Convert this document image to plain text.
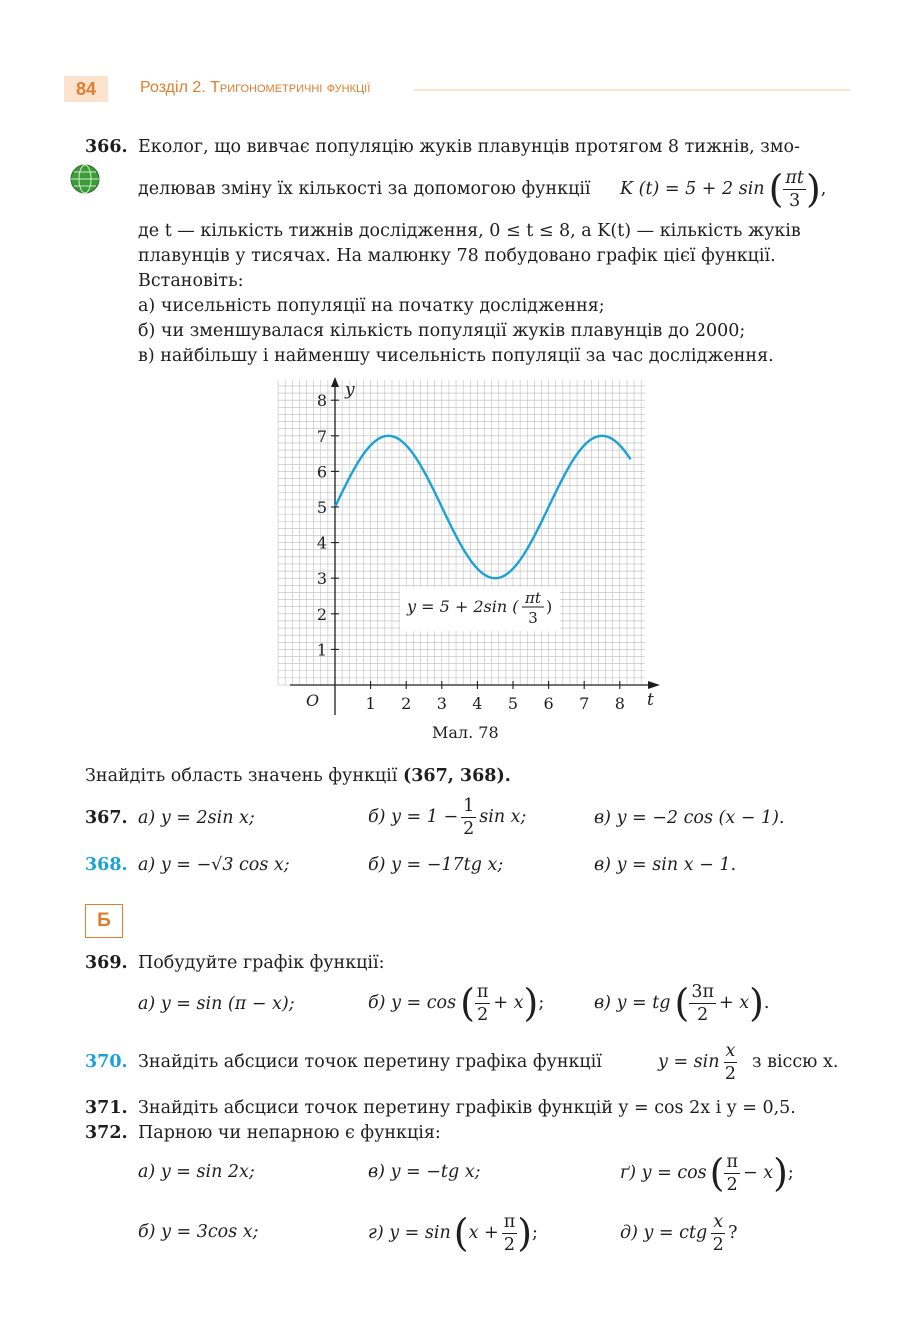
84	Розділ 2. Тригонометричні функції
366. Еколог, що вивчає популяцію жуків плавунців протягом 8 тижнів, змо-
делював зміну їх кількості за допомогою функції K (t) = 5 + 2 sin ( $\frac{\pi t}{3}$ ) ,
де t — кількість тижнів дослідження, 0 ≤ t ≤ 8, а K(t) — кількість жуків
плавунців у тисячах. На малюнку 78 побудовано графік цієї функції.
Встановіть:
а) чисельність популяції на початку дослідження;
б) чи зменшувалася кількість популяції жуків плавунців до 2000;
в) найбільшу і найменшу чисельність популяції за час дослідження.
1 2 3 4 5 6 7 8
1
2
3
4
5
6
7
8
y = 5 + 2sin ( πt
3
)
y
t
O
Мал. 78
Знайдіть область значень функції (367, 368).
367. а) y = 2sin x;	б) $y = 1 - \frac{1}{2}$ sin x;	в) y = −2 cos (x − 1).
368. а) y = −√3 cos x;	б) y = −17tg x;	в) y = sin x − 1.
Б
369. Побудуйте графік функції:
а) y = sin (π − x);	б) y = cos ( $\frac{\pi}{2} + x$ ) ;	в) y = tg ( $\frac{3\pi}{2} + x$ ) .
370. Знайдіть абсциси точок перетину графіка функції	$y = \sin \frac{x}{2}$ з віссю x.
371. Знайдіть абсциси точок перетину графіків функцій y = cos 2x і y = 0,5.
372. Парною чи непарною є функція:
а) y = sin 2x;	в) y = −tg x;	ґ) y = cos ( $\frac{\pi}{2} - x$ ) ;
б) y = 3cos x;	г) y = sin ( $x + \frac{\pi}{2}$ ) ;	д) y = ctg $\frac{x}{2}$ ?
